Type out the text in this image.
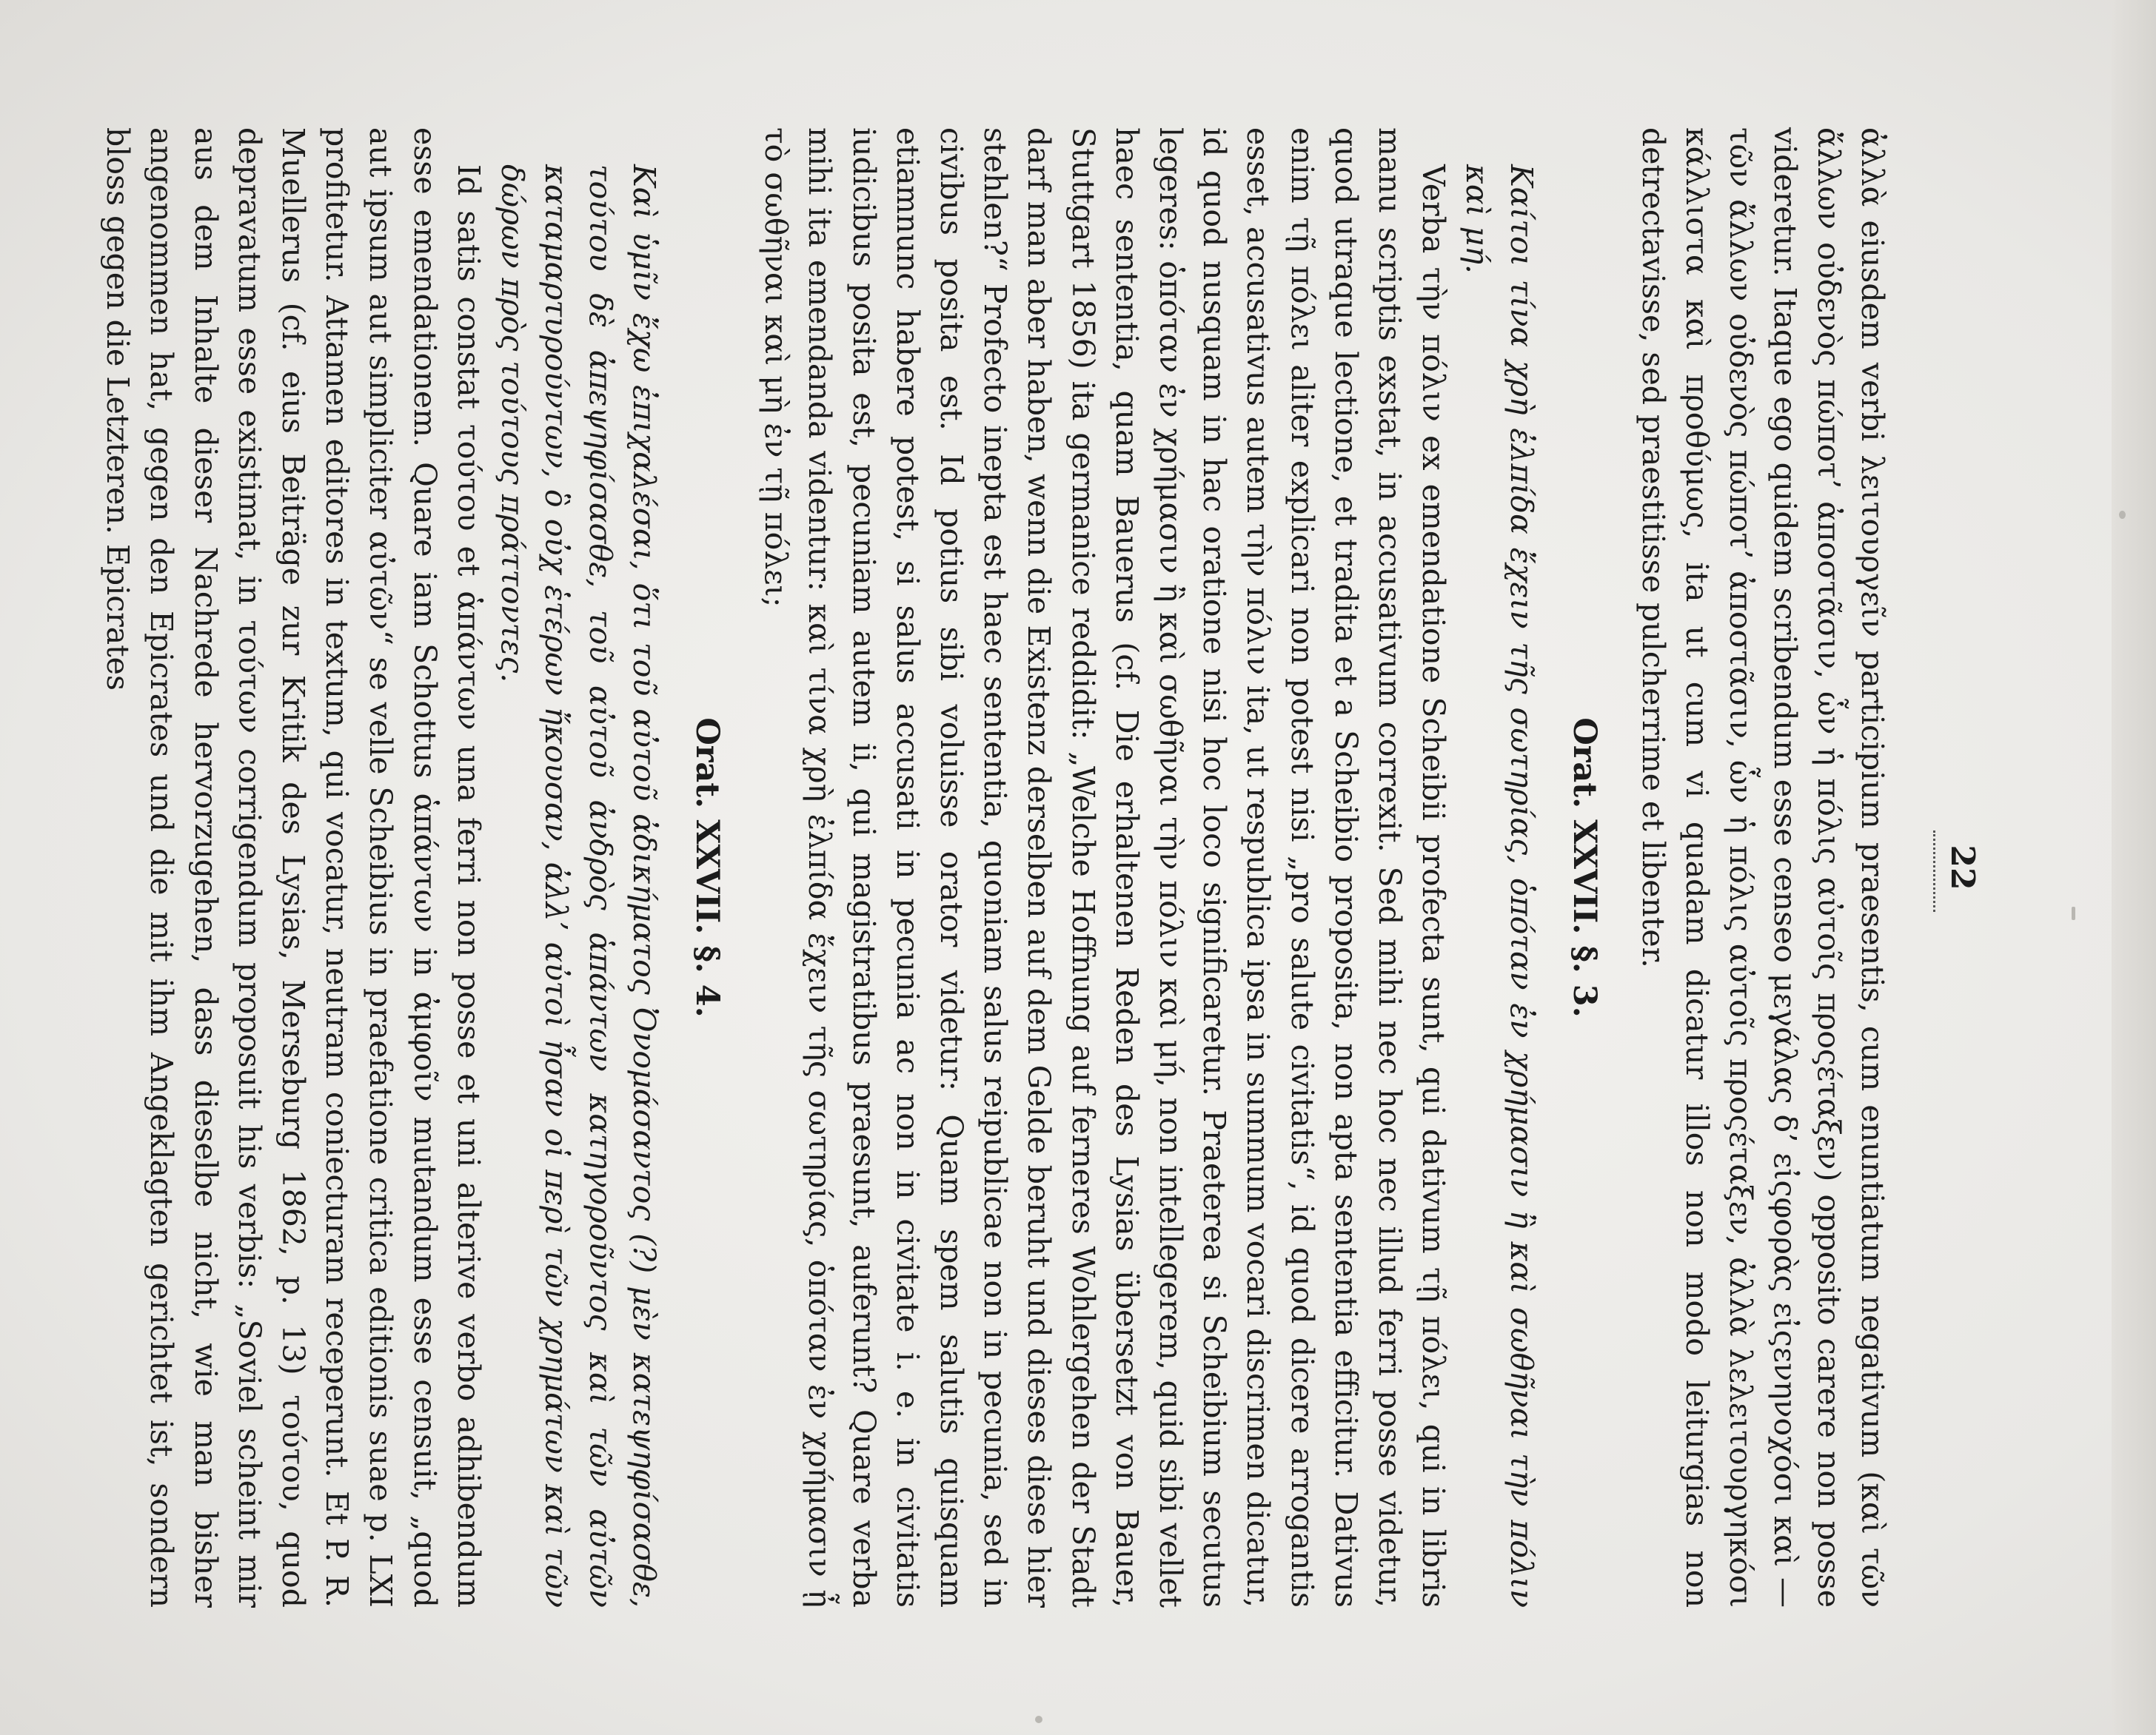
22

ἀλλὰ eiusdem verbi λειτουργεῖν participium praesentis, cum enuntiatum negativum (καὶ τῶν ἄλλων οὐδενὸς πώποτ’ ἀποστᾶσιν, ὧν ἡ πόλις αὐτοῖς προςέταξεν) opposito carere non posse videretur. Itaque ego quidem scribendum esse censeo μεγάλας δ’ εἰςφορὰς εἰςενηνοχόσι καὶ — τῶν ἄλλων οὐδενὸς πώποτ’ ἀποστᾶσιν, ὧν ἡ πόλις αὐτοῖς προςέταξεν, ἀλλὰ λελειτουργηκόσι κάλλιστα καὶ προθύμως, ita ut cum vi quadam dicatur illos non modo leiturgias non detrectavisse, sed praestitisse pulcherrime et libenter.

Orat. XXVII. §. 3.

Καίτοι τίνα χρὴ ἐλπίδα ἔχειν τῆς σωτηρίας, ὁπόταν ἐν χρήμασιν ἢ καὶ σωθῆναι τὴν πόλιν καὶ μή.

Verba τὴν πόλιν ex emendatione Scheibii profecta sunt, qui dativum τῇ πόλει, qui in libris manu scriptis exstat, in accusativum correxit. Sed mihi nec hoc nec illud ferri posse videtur, quod utraque lectione, et tradita et a Scheibio proposita, non apta sententia efficitur. Dativus enim τῇ πόλει aliter explicari non potest nisi „pro salute civitatis“, id quod dicere arrogantis esset, accusativus autem τὴν πόλιν ita, ut respublica ipsa in summum vocari discrimen dicatur, id quod nusquam in hac oratione nisi hoc loco significaretur. Praeterea si Scheibium secutus legeres: ὁπόταν ἐν χρήμασιν ἢ καὶ σωθῆναι τὴν πόλιν καὶ μή, non intellegerem, quid sibi vellet haec sententia, quam Bauerus (cf. Die erhaltenen Reden des Lysias übersetzt von Bauer, Stuttgart 1856) ita germanice reddidit: „Welche Hoffnung auf ferneres Wohlergehen der Stadt darf man aber haben, wenn die Existenz derselben auf dem Gelde beruht und dieses diese hier stehlen?“ Profecto inepta est haec sententia, quoniam salus reipublicae non in pecunia, sed in civibus posita est. Id potius sibi voluisse orator videtur: Quam spem salutis quisquam etiamnunc habere potest, si salus accusati in pecunia ac non in civitate i. e. in civitatis iudicibus posita est, pecuniam autem ii, qui magistratibus praesunt, auferunt? Quare verba mihi ita emendanda videntur: καὶ τίνα χρὴ ἐλπίδα ἔχειν τῆς σωτηρίας, ὁπόταν ἐν χρήμασιν ᾖ τὸ σωθῆναι καὶ μὴ ἐν τῇ πόλει;

Orat. XXVII. §. 4.

Καὶ ὑμῖν ἔχω ἐπιχαλέσαι, ὅτι τοῦ αὐτοῦ ἀδικήματος Ὀνομάσαντος (?) μὲν κατεψηφίσασθε, τούτου δὲ ἀπεψηφίσασθε, τοῦ αὐτοῦ ἀνδρὸς ἁπάντων κατηγοροῦντος καὶ τῶν αὐτῶν καταμαρτυρούντων, ὃ οὐχ ἑτέρων ἤκουσαν, ἀλλ’ αὐτοὶ ἦσαν οἱ περὶ τῶν χρημάτων καὶ τῶν δώρων πρὸς τούτους πράττοντες.

Id satis constat τούτου et ἁπάντων una ferri non posse et uni alterive verbo adhibendum esse emendationem. Quare iam Schottus ἁπάντων in ἀμφοῖν mutandum esse censuit, „quod aut ipsum aut simpliciter αὐτῶν“ se velle Scheibius in praefatione critica editionis suae p. LXI profitetur. Attamen editores in textum, qui vocatur, neutram coniecturam receperunt. Et P. R. Muellerus (cf. eius Beiträge zur Kritik des Lysias, Merseburg 1862, p. 13) τούτου, quod depravatum esse existimat, in τούτων corrigendum proposuit his verbis: „Soviel scheint mir aus dem Inhalte dieser Nachrede hervorzugehen, dass dieselbe nicht, wie man bisher angenommen hat, gegen den Epicrates und die mit ihm Angeklagten gerichtet ist, sondern bloss gegen die Letzteren. Epicrates
